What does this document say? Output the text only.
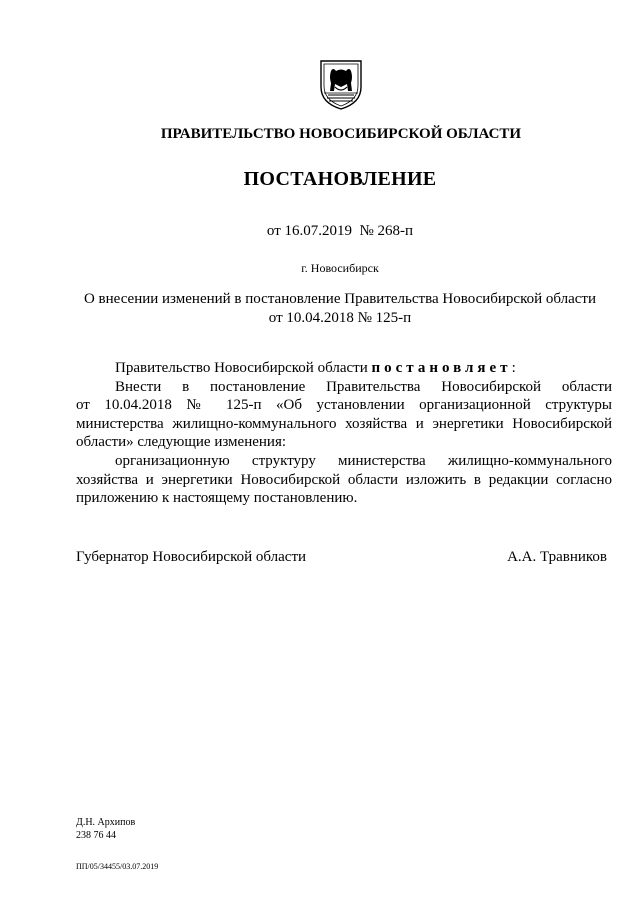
ПРАВИТЕЛЬСТВО НОВОСИБИРСКОЙ ОБЛАСТИ
ПОСТАНОВЛЕНИЕ
от 16.07.2019  № 268-п
г. Новосибирск
О внесении изменений в постановление Правительства Новосибирской области
от 10.04.2018 № 125-п

Правительство Новосибирской области постановляет:

Внести в постановление Правительства Новосибирской области
от 10.04.2018 № 125-п «Об установлении организационной структуры
министерства жилищно-коммунального хозяйства и энергетики Новосибирской
области» следующие изменения:
организационную структуру министерства жилищно-коммунального
хозяйства и энергетики Новосибирской области изложить в редакции согласно
приложению к настоящему постановлению.
Губернатор Новосибирской области	А.А. Травников
Д.Н. Архипов
238 76 44
ПП/05/34455/03.07.2019
